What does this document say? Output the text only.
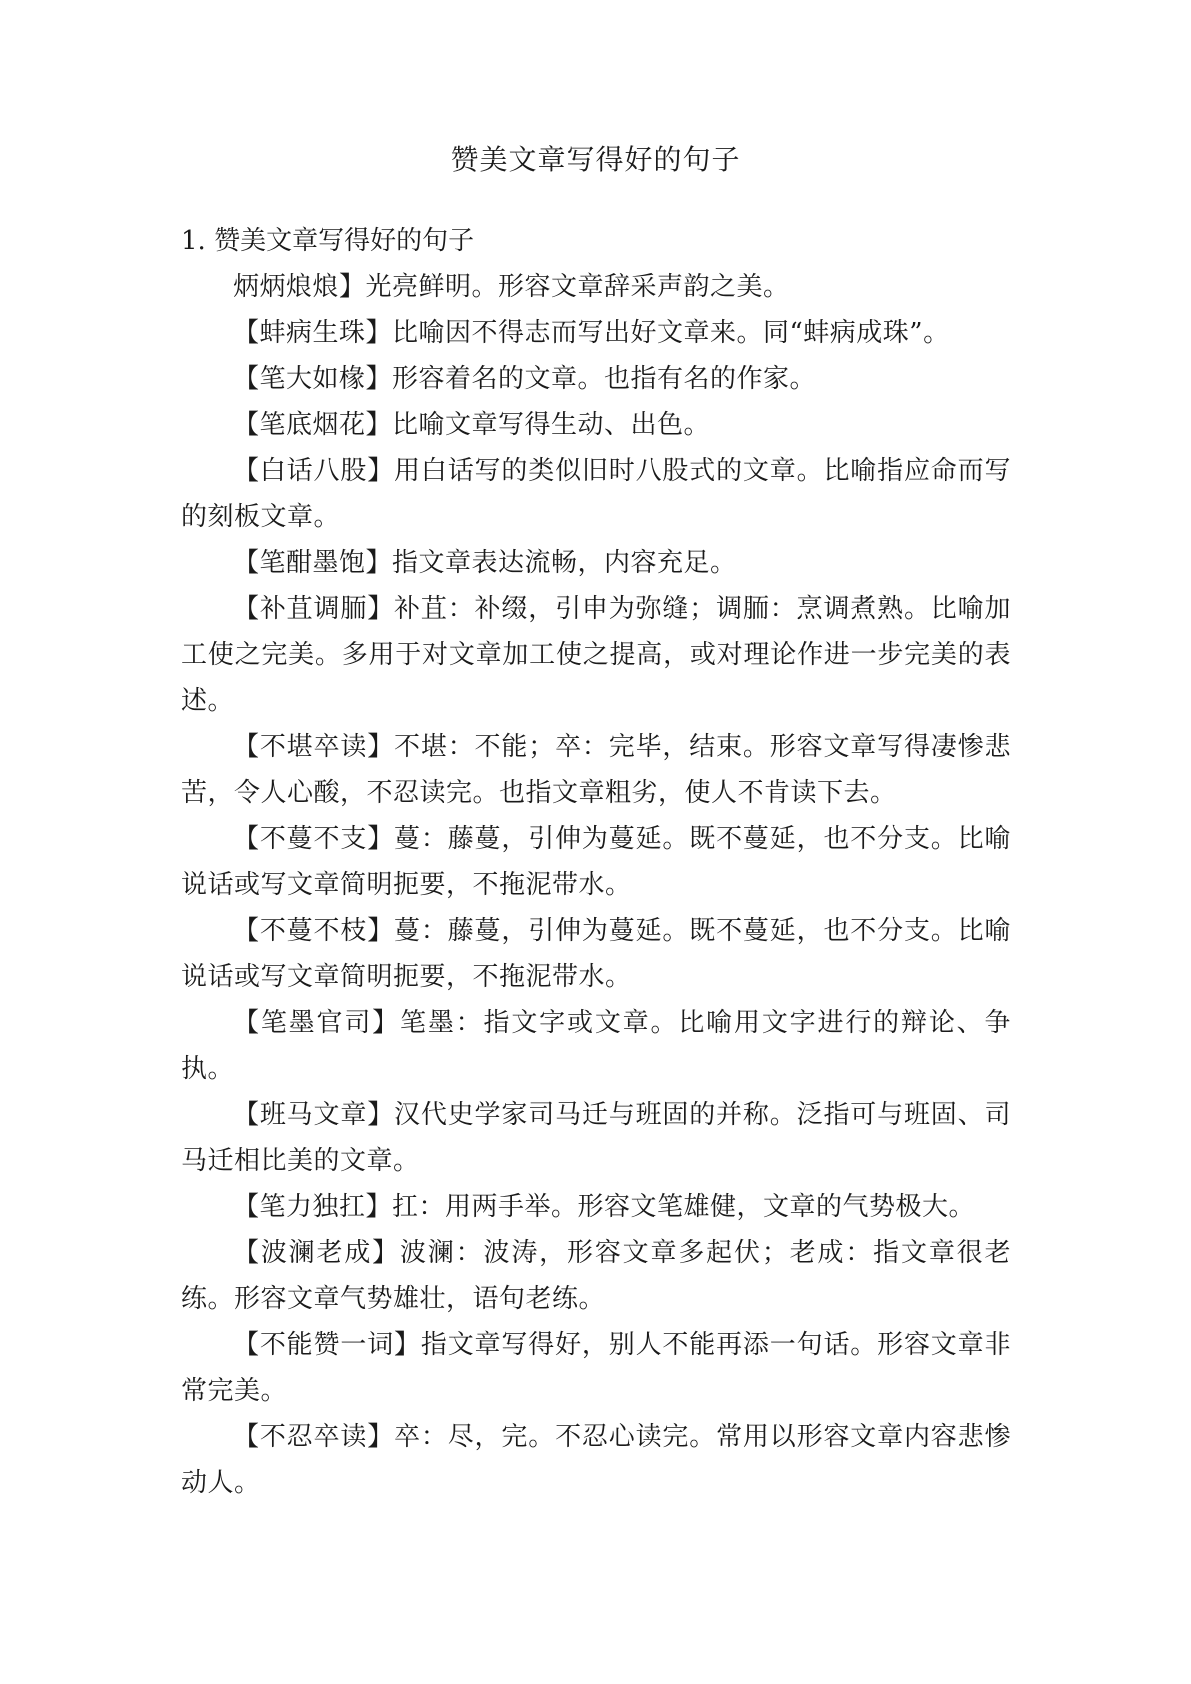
赞美文章写得好的句子
1. 赞美文章写得好的句子

炳炳烺烺】光亮鲜明。形容文章辞采声韵之美。

【蚌病生珠】比喻因不得志而写出好文章来。同“蚌病成珠”。

【笔大如椽】形容着名的文章。也指有名的作家。

【笔底烟花】比喻文章写得生动、出色。

【白话八股】用白话写的类似旧时八股式的文章。比喻指应命而写的刻板文章。

【笔酣墨饱】指文章表达流畅，内容充足。

【补苴调胹】补苴：补缀，引申为弥缝；调胹：烹调煮熟。比喻加工使之完美。多用于对文章加工使之提高，或对理论作进一步完美的表述。

【不堪卒读】不堪：不能；卒：完毕，结束。形容文章写得凄惨悲苦，令人心酸，不忍读完。也指文章粗劣，使人不肯读下去。

【不蔓不支】蔓：藤蔓，引伸为蔓延。既不蔓延，也不分支。比喻说话或写文章简明扼要，不拖泥带水。

【不蔓不枝】蔓：藤蔓，引伸为蔓延。既不蔓延，也不分支。比喻说话或写文章简明扼要，不拖泥带水。

【笔墨官司】笔墨：指文字或文章。比喻用文字进行的辩论、争执。

【班马文章】汉代史学家司马迁与班固的并称。泛指可与班固、司马迁相比美的文章。

【笔力独扛】扛：用两手举。形容文笔雄健，文章的气势极大。

【波澜老成】波澜：波涛，形容文章多起伏；老成：指文章很老练。形容文章气势雄壮，语句老练。

【不能赞一词】指文章写得好，别人不能再添一句话。形容文章非常完美。

【不忍卒读】卒：尽，完。不忍心读完。常用以形容文章内容悲惨动人。
